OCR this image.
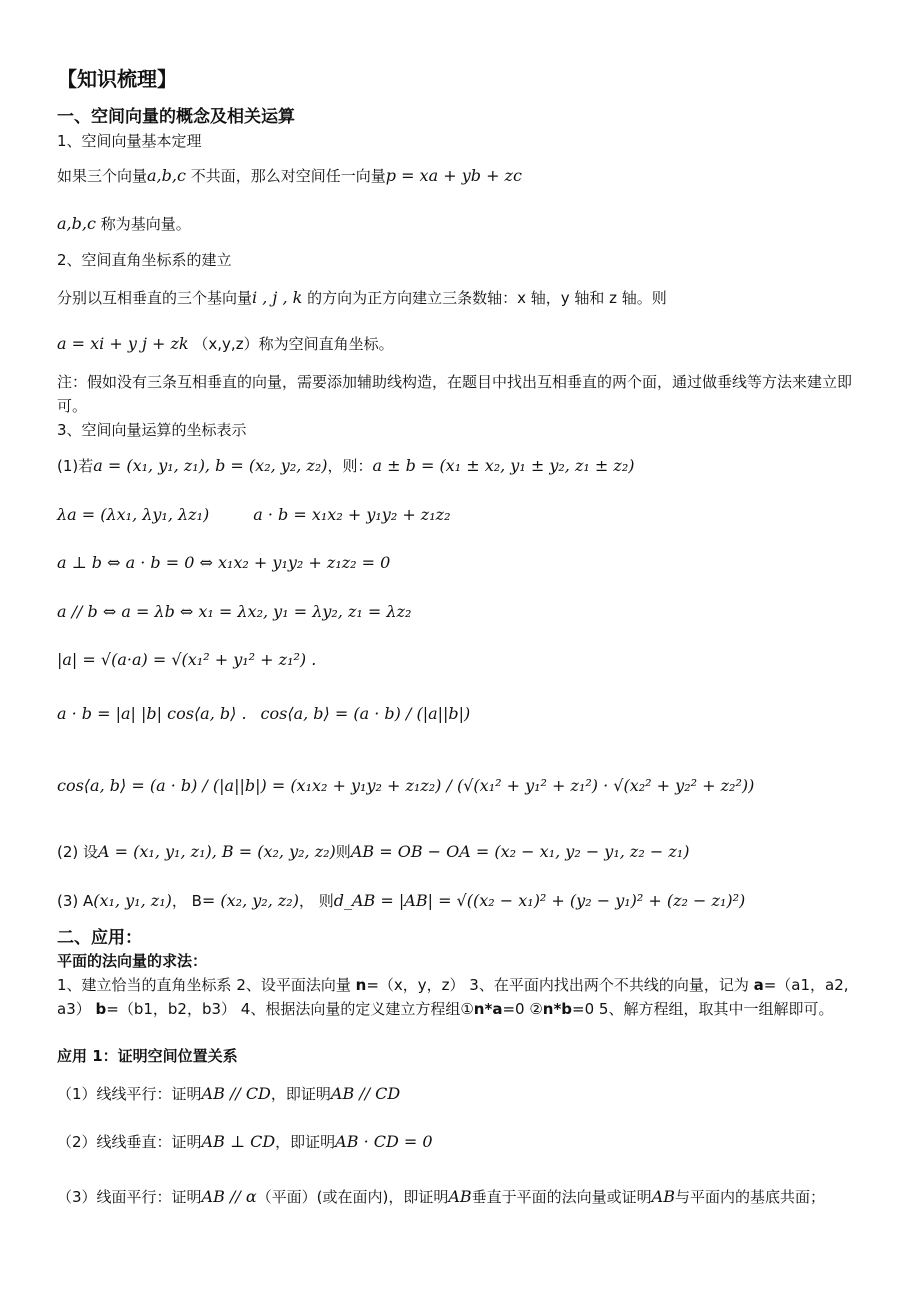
【知识梳理】
一、空间向量的概念及相关运算
1、空间向量基本定理
如果三个向量a,b,c 不共面，那么对空间任一向量p = xa + yb + zc
a,b,c 称为基向量。
2、空间直角坐标系的建立
分别以互相垂直的三个基向量i , j , k 的方向为正方向建立三条数轴：x 轴，y 轴和 z 轴。则
a = xi + y j + zk （x,y,z）称为空间直角坐标。
注：假如没有三条互相垂直的向量，需要添加辅助线构造，在题目中找出互相垂直的两个面，通过做垂线等方法来建立即可。
3、空间向量运算的坐标表示
(1)若a = (x₁, y₁, z₁), b = (x₂, y₂, z₂)，则：a ± b = (x₁ ± x₂, y₁ ± y₂, z₁ ± z₂)
λa = (λx₁, λy₁, λz₁)	a · b = x₁x₂ + y₁y₂ + z₁z₂
a ⊥ b ⇔ a · b = 0 ⇔ x₁x₂ + y₁y₂ + z₁z₂ = 0
a // b ⇔ a = λb ⇔ x₁ = λx₂, y₁ = λy₂, z₁ = λz₂
|a| = √(a·a) = √(x₁² + y₁² + z₁²) .
a · b = |a| |b| cos⟨a, b⟩ . cos⟨a, b⟩ = (a · b) / (|a||b|)
cos⟨a, b⟩ = (a · b) / (|a||b|) = (x₁x₂ + y₁y₂ + z₁z₂) / (√(x₁² + y₁² + z₁²) · √(x₂² + y₂² + z₂²))
(2) 设A = (x₁, y₁, z₁), B = (x₂, y₂, z₂)则AB = OB − OA = (x₂ − x₁, y₂ − y₁, z₂ − z₁)
(3) A(x₁, y₁, z₁)， B= (x₂, y₂, z₂)， 则d_AB = |AB| = √((x₂ − x₁)² + (y₂ − y₁)² + (z₂ − z₁)²)
二、应用：
平面的法向量的求法：
1、建立恰当的直角坐标系 2、设平面法向量 n=（x，y，z） 3、在平面内找出两个不共线的向量，记为 a=（a1，a2, a3） b=（b1，b2，b3） 4、根据法向量的定义建立方程组①n*a=0 ②n*b=0 5、解方程组，取其中一组解即可。
应用 1：证明空间位置关系
（1）线线平行：证明AB // CD，即证明AB // CD
（2）线线垂直：证明AB ⊥ CD，即证明AB · CD = 0
（3）线面平行：证明AB // α（平面）(或在面内)，即证明AB垂直于平面的法向量或证明AB与平面内的基底共面；
